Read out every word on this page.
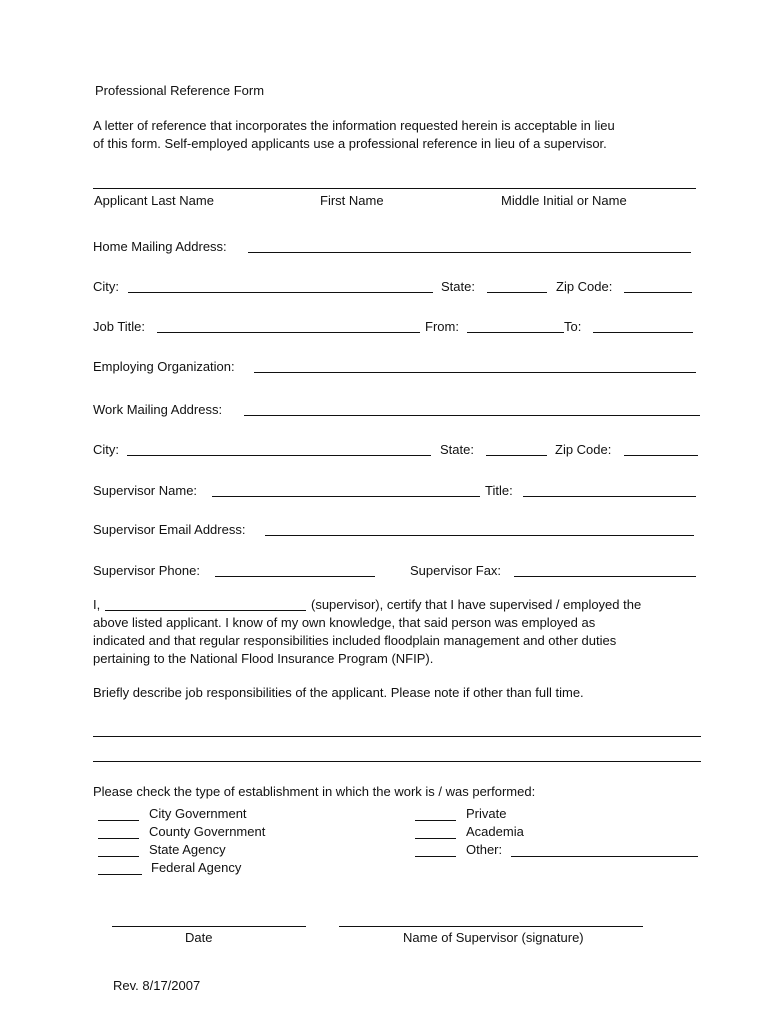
Professional Reference Form
A letter of reference that incorporates the information requested herein is acceptable in lieu
of this form. Self-employed applicants use a professional reference in lieu of a supervisor.
Applicant Last Name	First Name	Middle Initial or Name
Home Mailing Address:
City:	State:	Zip Code:
Job Title:	From:	To:
Employing Organization:
Work Mailing Address:
City:	State:	Zip Code:
Supervisor Name:	Title:
Supervisor Email Address:
Supervisor Phone:	Supervisor Fax:
I,	(supervisor), certify that I have supervised / employed the
above listed applicant. I know of my own knowledge, that said person was employed as
indicated and that regular responsibilities included floodplain management and other duties
pertaining to the National Flood Insurance Program (NFIP).
Briefly describe job responsibilities of the applicant. Please note if other than full time.
Please check the type of establishment in which the work is / was performed:
City Government
County Government
State Agency
Federal Agency
Private
Academia
Other:
Date	Name of Supervisor (signature)
Rev. 8/17/2007
